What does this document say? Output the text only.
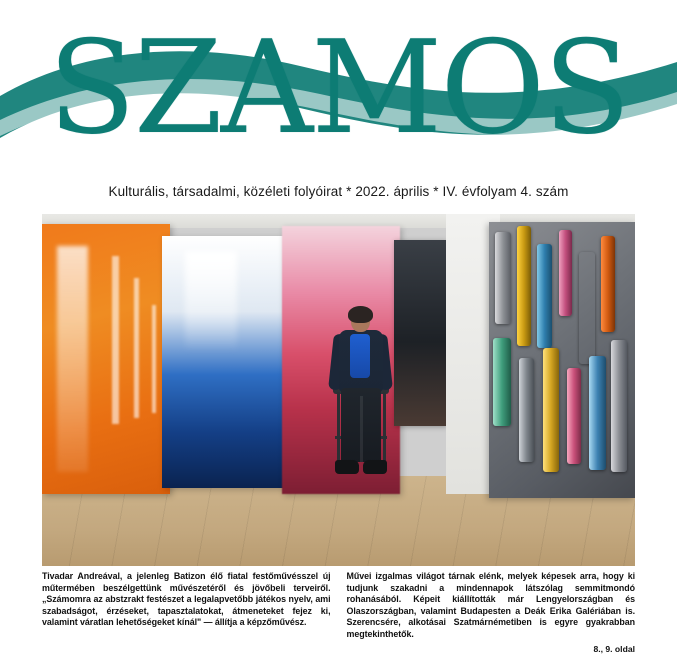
SZAMOS
Kulturális, társadalmi, közéleti folyóirat * 2022. április * IV. évfolyam 4. szám
Tivadar Andreával, a jelenleg Batizon élő fiatal festőművésszel új műtermében beszélgettünk művészetéről és jövőbeli terveiről. „Számomra az abstzrakt festészet a legalapvetőbb játékos nyelv, ami szabadságot, érzéseket, tapasztalatokat, átmeneteket fejez ki, valamint váratlan lehetőségeket kínál" — állítja a képzőművész.
Művei izgalmas világot tárnak elénk, melyek képesek arra, hogy ki tudjunk szakadni a mindennapok látszólag semmitmondó rohanásából. Képeit kiállították már Lengyelországban és Olaszországban, valamint Budapesten a Deák Erika Galériában is. Szerencsére, alkotásai Szatmárnémetiben is egyre gyakrabban megtekinthetők.
8., 9. oldal
